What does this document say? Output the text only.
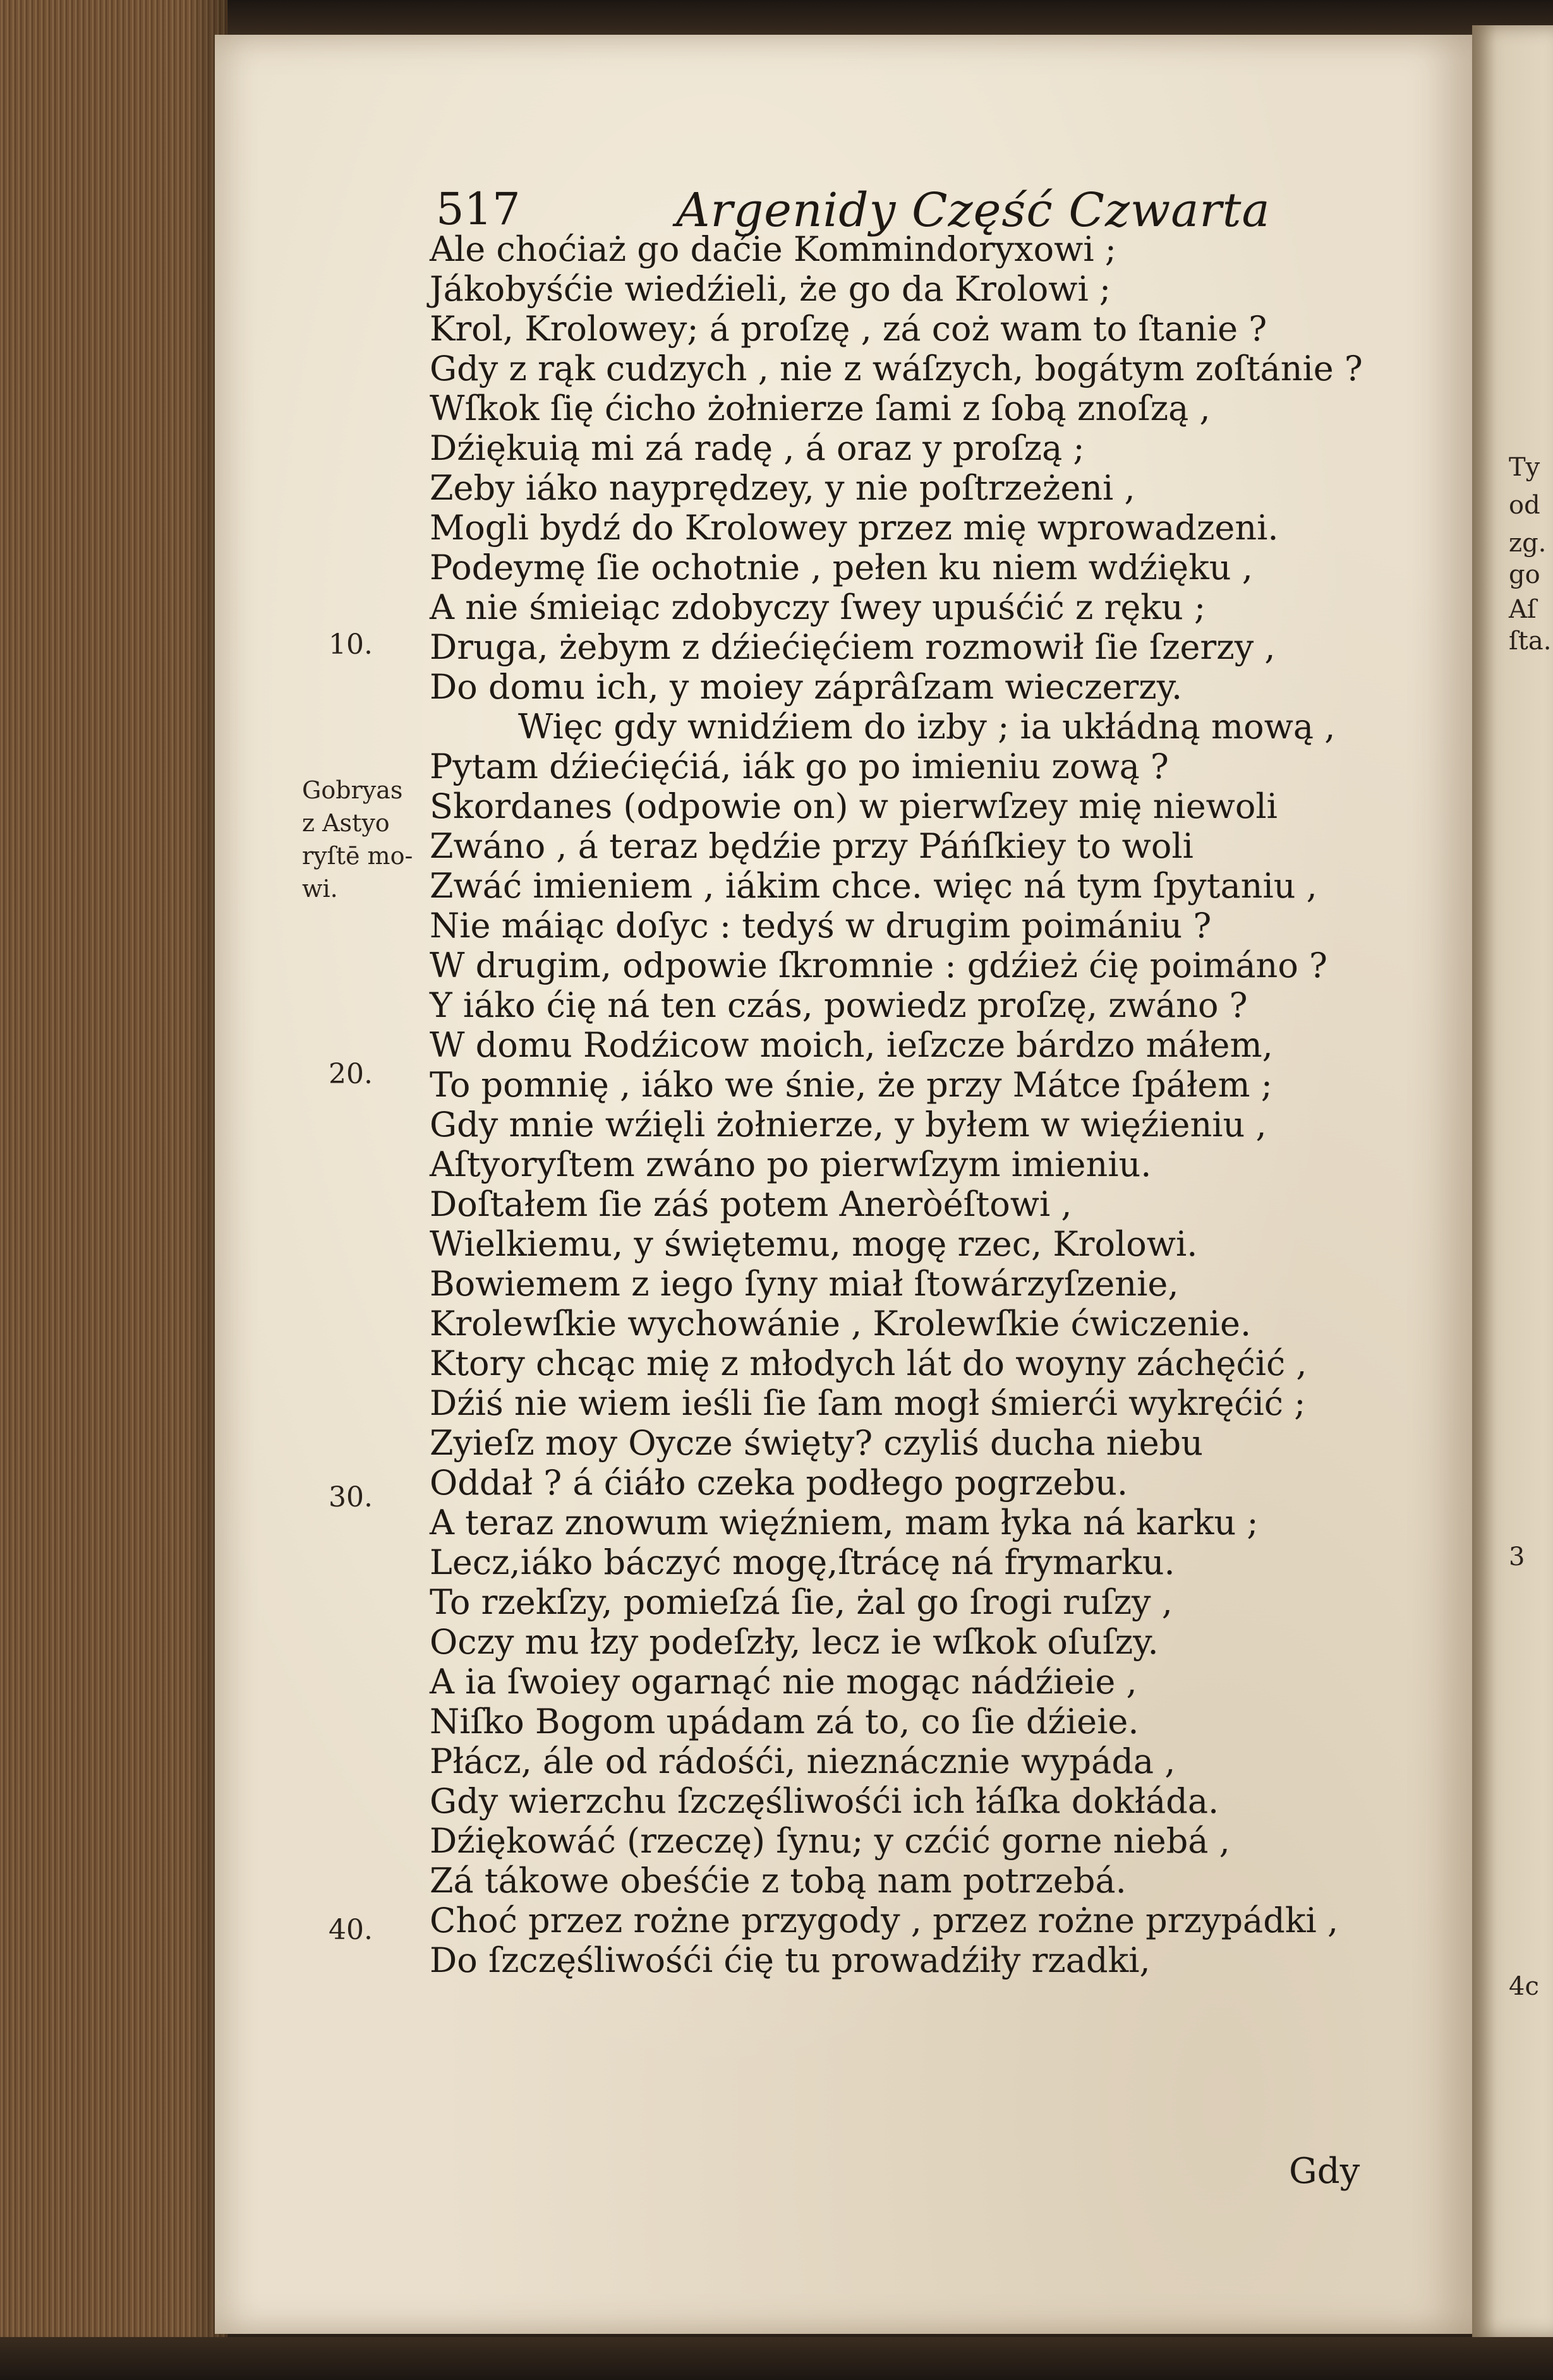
Ty
od
zg.
go
Aſ
ſta.
3
4c
517	Argenidy Część Czwarta
10.
20.
30.
40.
Gobryas
z Astyo
ryſtē mo-
wi.
Ale choćiaż go daćie Kommindoryxowi ;
Jákobyśćie wiedźieli, że go da Krolowi ;
Krol, Krolowey; á proſzę , zá coż wam to ſtanie ?
Gdy z rąk cudzych , nie z wáſzych, bogátym zoſtánie ?
Wſkok ſię ćicho żołnierze ſami z ſobą znoſzą ,
Dźiękuią mi zá radę , á oraz y proſzą ;
Zeby iáko nayprędzey, y nie poſtrzeżeni ,
Mogli bydź do Krolowey przez mię wprowadzeni.
Podeymę ſie ochotnie , pełen ku niem wdźięku ,
A nie śmieiąc zdobyczy ſwey upuśćić z ręku ;
Druga, żebym z dźiećięćiem rozmowił ſie ſzerzy ,
Do domu ich, y moiey záprâſzam wieczerzy.
Więc gdy wnidźiem do izby ; ia ukłádną mową ,
Pytam dźiećięćiá, iák go po imieniu zową ?
Skordanes (odpowie on) w pierwſzey mię niewoli
Zwáno , á teraz będźie przy Páńſkiey to woli
Zwáć imieniem , iákim chce. więc ná tym ſpytaniu ,
Nie máiąc doſyc : tedyś w drugim poimániu ?
W drugim, odpowie ſkromnie : gdźież ćię poimáno ?
Y iáko ćię ná ten czás, powiedz proſzę, zwáno ?
W domu Rodźicow moich, ieſzcze bárdzo máłem,
To pomnię , iáko we śnie, że przy Mátce ſpáłem ;
Gdy mnie wźięli żołnierze, y byłem w więźieniu ,
Aſtyoryſtem zwáno po pierwſzym imieniu.
Doſtałem ſie záś potem Aneròéſtowi ,
Wielkiemu, y świętemu, mogę rzec, Krolowi.
Bowiemem z iego ſyny miał ſtowárzyſzenie,
Krolewſkie wychowánie , Krolewſkie ćwiczenie.
Ktory chcąc mię z młodych lát do woyny záchęćić ,
Dźiś nie wiem ieśli ſie ſam mogł śmierći wykręćić ;
Zyieſz moy Oycze święty? czyliś ducha niebu
Oddał ? á ćiáło czeka podłego pogrzebu.
A teraz znowum więźniem, mam łyka ná karku ;
Lecz,iáko báczyć mogę,ſtrácę ná frymarku.
To rzekſzy, pomieſzá ſie, żal go ſrogi ruſzy ,
Oczy mu łzy podeſzły, lecz ie wſkok oſuſzy.
A ia ſwoiey ogarnąć nie mogąc nádźieie ,
Niſko Bogom upádam zá to, co ſie dźieie.
Płácz, ále od rádośći, nieznácznie wypáda ,
Gdy wierzchu ſzczęśliwośći ich łáſka dokłáda.
Dźiękowáć (rzeczę) ſynu; y czćić gorne niebá ,
Zá tákowe obeśćie z tobą nam potrzebá.
Choć przez rożne przygody , przez rożne przypádki ,
Do ſzczęśliwośći ćię tu prowadźiły rzadki,
Gdy
